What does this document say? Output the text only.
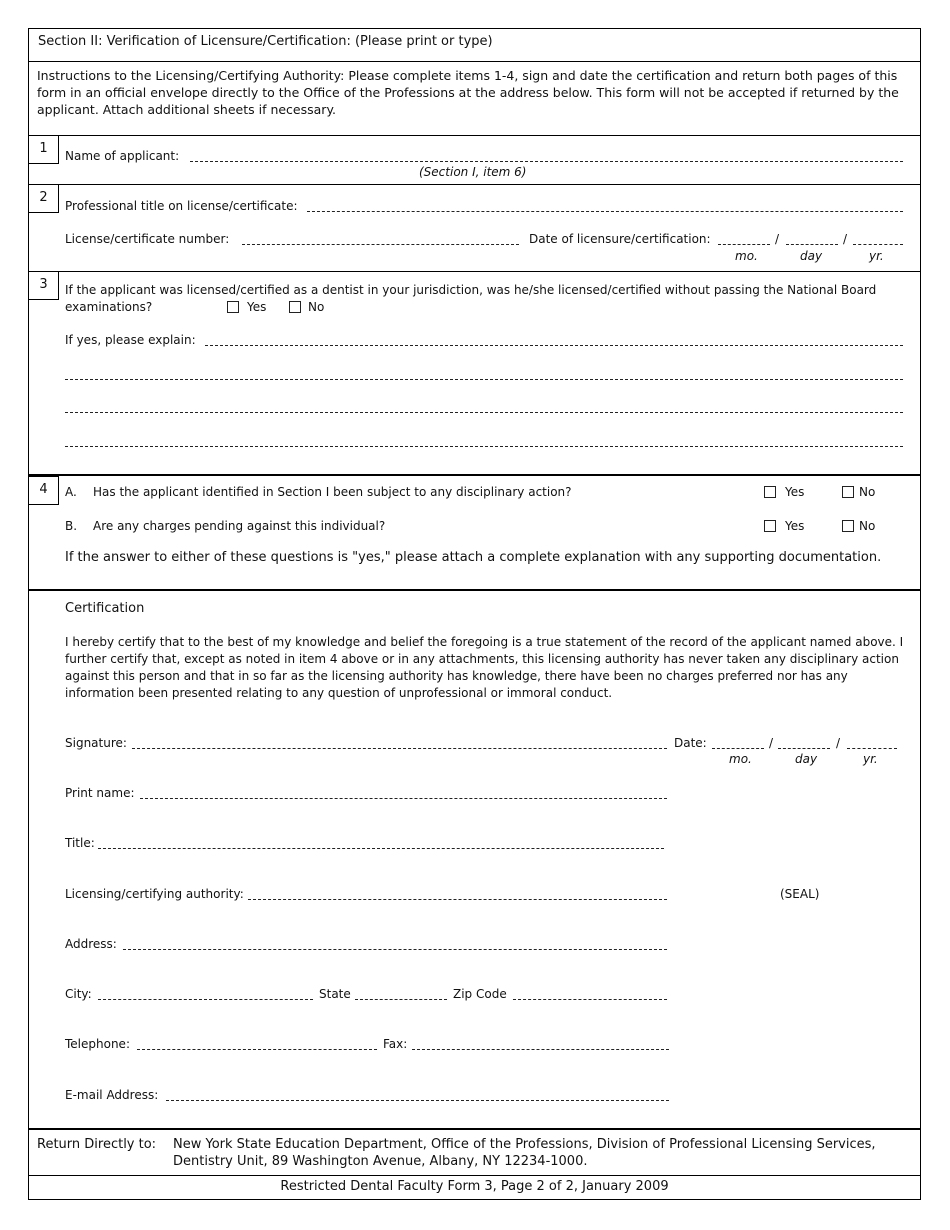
Section II: Verification of Licensure/Certification: (Please print or type)
Instructions to the Licensing/Certifying Authority: Please complete items 1-4, sign and date the certification and return both pages of this form in an official envelope directly to the Office of the Professions at the address below. This form will not be accepted if returned by the applicant. Attach additional sheets if necessary.
1	Name of applicant:
(Section I, item 6)
2
Professional title on license/certificate:
License/certificate number:	Date of licensure/certification:	/	/
mo.	day	yr.
3	If the applicant was licensed/certified as a dentist in your jurisdiction, was he/she licensed/certified without passing the National Board examinations?	Yes	No
If yes, please explain:
4	A. Has the applicant identified in Section I been subject to any disciplinary action?	Yes	No
B. Are any charges pending against this individual?	Yes	No
If the answer to either of these questions is "yes," please attach a complete explanation with any supporting documentation.
Certification
I hereby certify that to the best of my knowledge and belief the foregoing is a true statement of the record of the applicant named above. I further certify that, except as noted in item 4 above or in any attachments, this licensing authority has never taken any disciplinary action against this person and that in so far as the licensing authority has knowledge, there have been no charges preferred nor has any information been presented relating to any question of unprofessional or immoral conduct.
Signature:	Date:	/	/
mo.	day	yr.
Print name:
Title:
Licensing/certifying authority:	(SEAL)
Address:
City:	State	Zip Code
Telephone:	Fax:
E-mail Address:
Return Directly to: New York State Education Department, Office of the Professions, Division of Professional Licensing Services,
Dentistry Unit, 89 Washington Avenue, Albany, NY 12234-1000.
Restricted Dental Faculty Form 3, Page 2 of 2, January 2009
